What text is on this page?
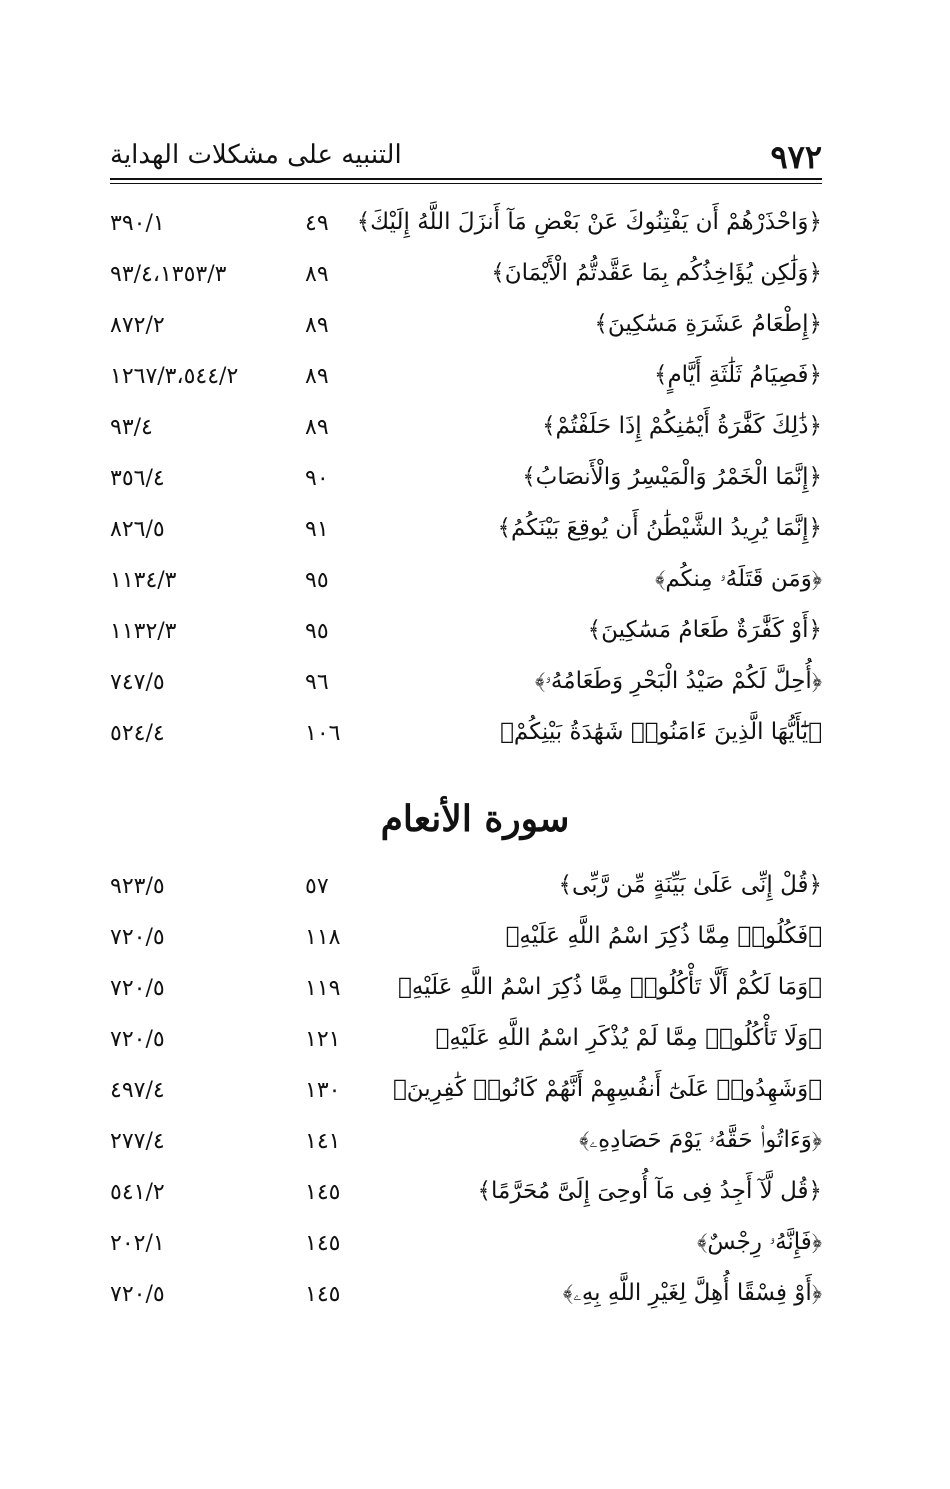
٩٧٢
التنبيه على مشكلات الهداية
﴿وَاحْذَرْهُمْ أَن يَفْتِنُوكَ عَنْ بَعْضِ مَآ أَنزَلَ اللَّهُ إِلَيْكَ﴾
٤٩
٣٩٠/١
﴿وَلَٰكِن يُؤَاخِذُكُم بِمَا عَقَّدتُّمُ الْأَيْمَانَ﴾
٨٩
٩٣/٤،١٣٥٣/٣
﴿إِطْعَامُ عَشَرَةِ مَسَٰكِينَ﴾
٨٩
٨٧٢/٢
﴿فَصِيَامُ ثَلَٰثَةِ أَيَّامٍ﴾
٨٩
١٢٦٧/٣،٥٤٤/٢
﴿ذَٰلِكَ كَفَّٰرَةُ أَيْمَٰنِكُمْ إِذَا حَلَفْتُمْ﴾
٨٩
٩٣/٤
﴿إِنَّمَا الْخَمْرُ وَالْمَيْسِرُ وَالْأَنصَابُ﴾
٩٠
٣٥٦/٤
﴿إِنَّمَا يُرِيدُ الشَّيْطَٰنُ أَن يُوقِعَ بَيْنَكُمُ﴾
٩١
٨٢٦/٥
﴿وَمَن قَتَلَهُۥ مِنكُم﴾
٩٥
١١٣٤/٣
﴿أَوْ كَفَّٰرَةٌ طَعَامُ مَسَٰكِينَ﴾
٩٥
١١٣٢/٣
﴿أُحِلَّ لَكُمْ صَيْدُ الْبَحْرِ وَطَعَامُهُۥ﴾
٩٦
٧٤٧/٥
﴿يَٰٓأَيُّهَا الَّذِينَ ءَامَنُوا۟ شَهَٰدَةُ بَيْنِكُمْ﴾
١٠٦
٥٢٤/٤
سورة الأنعام
﴿قُلْ إِنِّى عَلَىٰ بَيِّنَةٍ مِّن رَّبِّى﴾
٥٧
٩٢٣/٥
﴿فَكُلُوا۟ مِمَّا ذُكِرَ اسْمُ اللَّهِ عَلَيْهِ﴾
١١٨
٧٢٠/٥
﴿وَمَا لَكُمْ أَلَّا تَأْكُلُوا۟ مِمَّا ذُكِرَ اسْمُ اللَّهِ عَلَيْهِ﴾
١١٩
٧٢٠/٥
﴿وَلَا تَأْكُلُوا۟ مِمَّا لَمْ يُذْكَرِ اسْمُ اللَّهِ عَلَيْهِ﴾
١٢١
٧٢٠/٥
﴿وَشَهِدُوا۟ عَلَىٰٓ أَنفُسِهِمْ أَنَّهُمْ كَانُوا۟ كَٰفِرِينَ﴾
١٣٠
٤٩٧/٤
﴿وَءَاتُوا۟ حَقَّهُۥ يَوْمَ حَصَادِهِۦ﴾
١٤١
٢٧٧/٤
﴿قُل لَّآ أَجِدُ فِى مَآ أُوحِىَ إِلَىَّ مُحَرَّمًا﴾
١٤٥
٥٤١/٢
﴿فَإِنَّهُۥ رِجْسٌ﴾
١٤٥
٢٠٢/١
﴿أَوْ فِسْقًا أُهِلَّ لِغَيْرِ اللَّهِ بِهِۦ﴾
١٤٥
٧٢٠/٥
